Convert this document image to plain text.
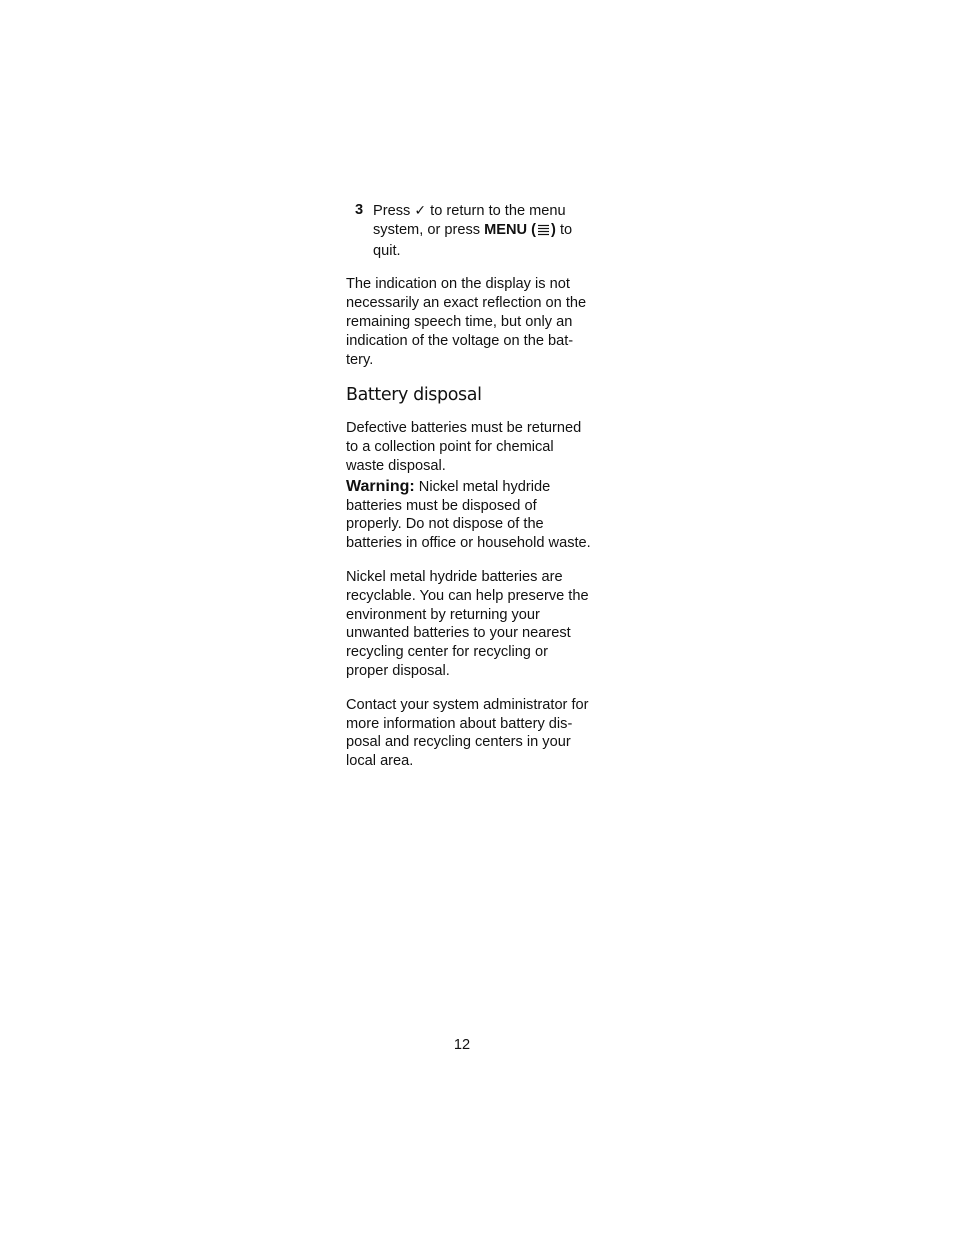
3 Press ✓ to return to the menu
system, or press MENU ( ) to
quit.

The indication on the display is not
necessarily an exact reflection on the
remaining speech time, but only an
indication of the voltage on the bat-
tery.

Battery disposal

Defective batteries must be returned
to a collection point for chemical
waste disposal.

Warning: Nickel metal hydride
batteries must be disposed of
properly. Do not dispose of the
batteries in office or household waste.

Nickel metal hydride batteries are
recyclable. You can help preserve the
environment by returning your
unwanted batteries to your nearest
recycling center for recycling or
proper disposal.

Contact your system administrator for
more information about battery dis-
posal and recycling centers in your
local area.

12
